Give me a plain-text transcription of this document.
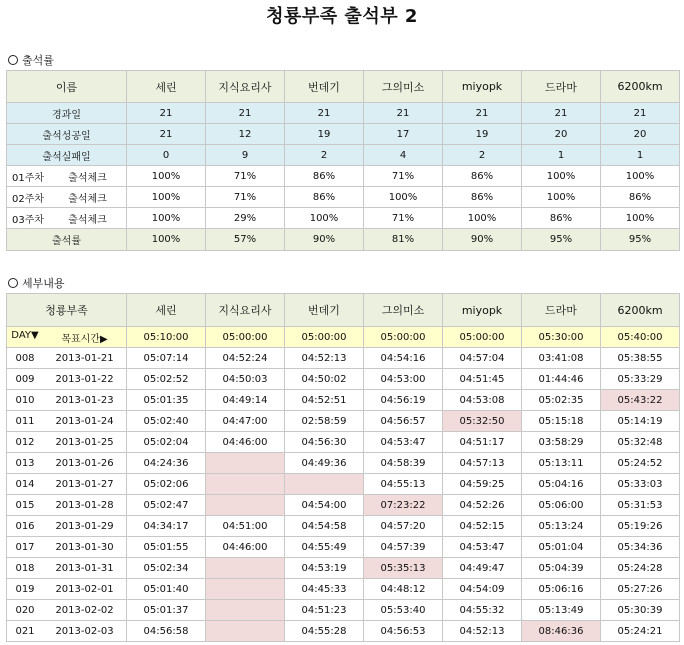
청룡부족 출석부 2
출석률
이름	세린	지식요리사	번데기	그의미소	miyopk	드라마	6200km
경과일	21	21	21	21	21	21	21
출석성공일	21	12	19	17	19	20	20
출석실패일	0	9	2	4	2	1	1

01주차 출석체크	100%	71%	86%	71%	86%	100%	100%

02주차 출석체크	100%	71%	86%	100%	86%	100%	86%

03주차 출석체크	100%	29%	100%	71%	100%	86%	100%
출석률	100%	57%	90%	81%	90%	95%	95%
세부내용
청룡부족	세린	지식요리사	번데기	그의미소	miyopk	드라마	6200km

DAY▼ 목표시간▶	05:10:00	05:00:00	05:00:00	05:00:00	05:00:00	05:30:00	05:40:00

008 2013-01-21	05:07:14	04:52:24	04:52:13	04:54:16	04:57:04	03:41:08	05:38:55

009 2013-01-22	05:02:52	04:50:03	04:50:02	04:53:00	04:51:45	01:44:46	05:33:29

010 2013-01-23	05:01:35	04:49:14	04:52:51	04:56:19	04:53:08	05:02:35	05:43:22

011 2013-01-24	05:02:40	04:47:00	02:58:59	04:56:57	05:32:50	05:15:18	05:14:19

012 2013-01-25	05:02:04	04:46:00	04:56:30	04:53:47	04:51:17	03:58:29	05:32:48

013 2013-01-26	04:24:36		04:49:36	04:58:39	04:57:13	05:13:11	05:24:52

014 2013-01-27	05:02:06			04:55:13	04:59:25	05:04:16	05:33:03

015 2013-01-28	05:02:47		04:54:00	07:23:22	04:52:26	05:06:00	05:31:53

016 2013-01-29	04:34:17	04:51:00	04:54:58	04:57:20	04:52:15	05:13:24	05:19:26

017 2013-01-30	05:01:55	04:46:00	04:55:49	04:57:39	04:53:47	05:01:04	05:34:36

018 2013-01-31	05:02:34		04:53:19	05:35:13	04:49:47	05:04:39	05:24:28

019 2013-02-01	05:01:40		04:45:33	04:48:12	04:54:09	05:06:16	05:27:26

020 2013-02-02	05:01:37		04:51:23	05:53:40	04:55:32	05:13:49	05:30:39

021 2013-02-03	04:56:58		04:55:28	04:56:53	04:52:13	08:46:36	05:24:21
